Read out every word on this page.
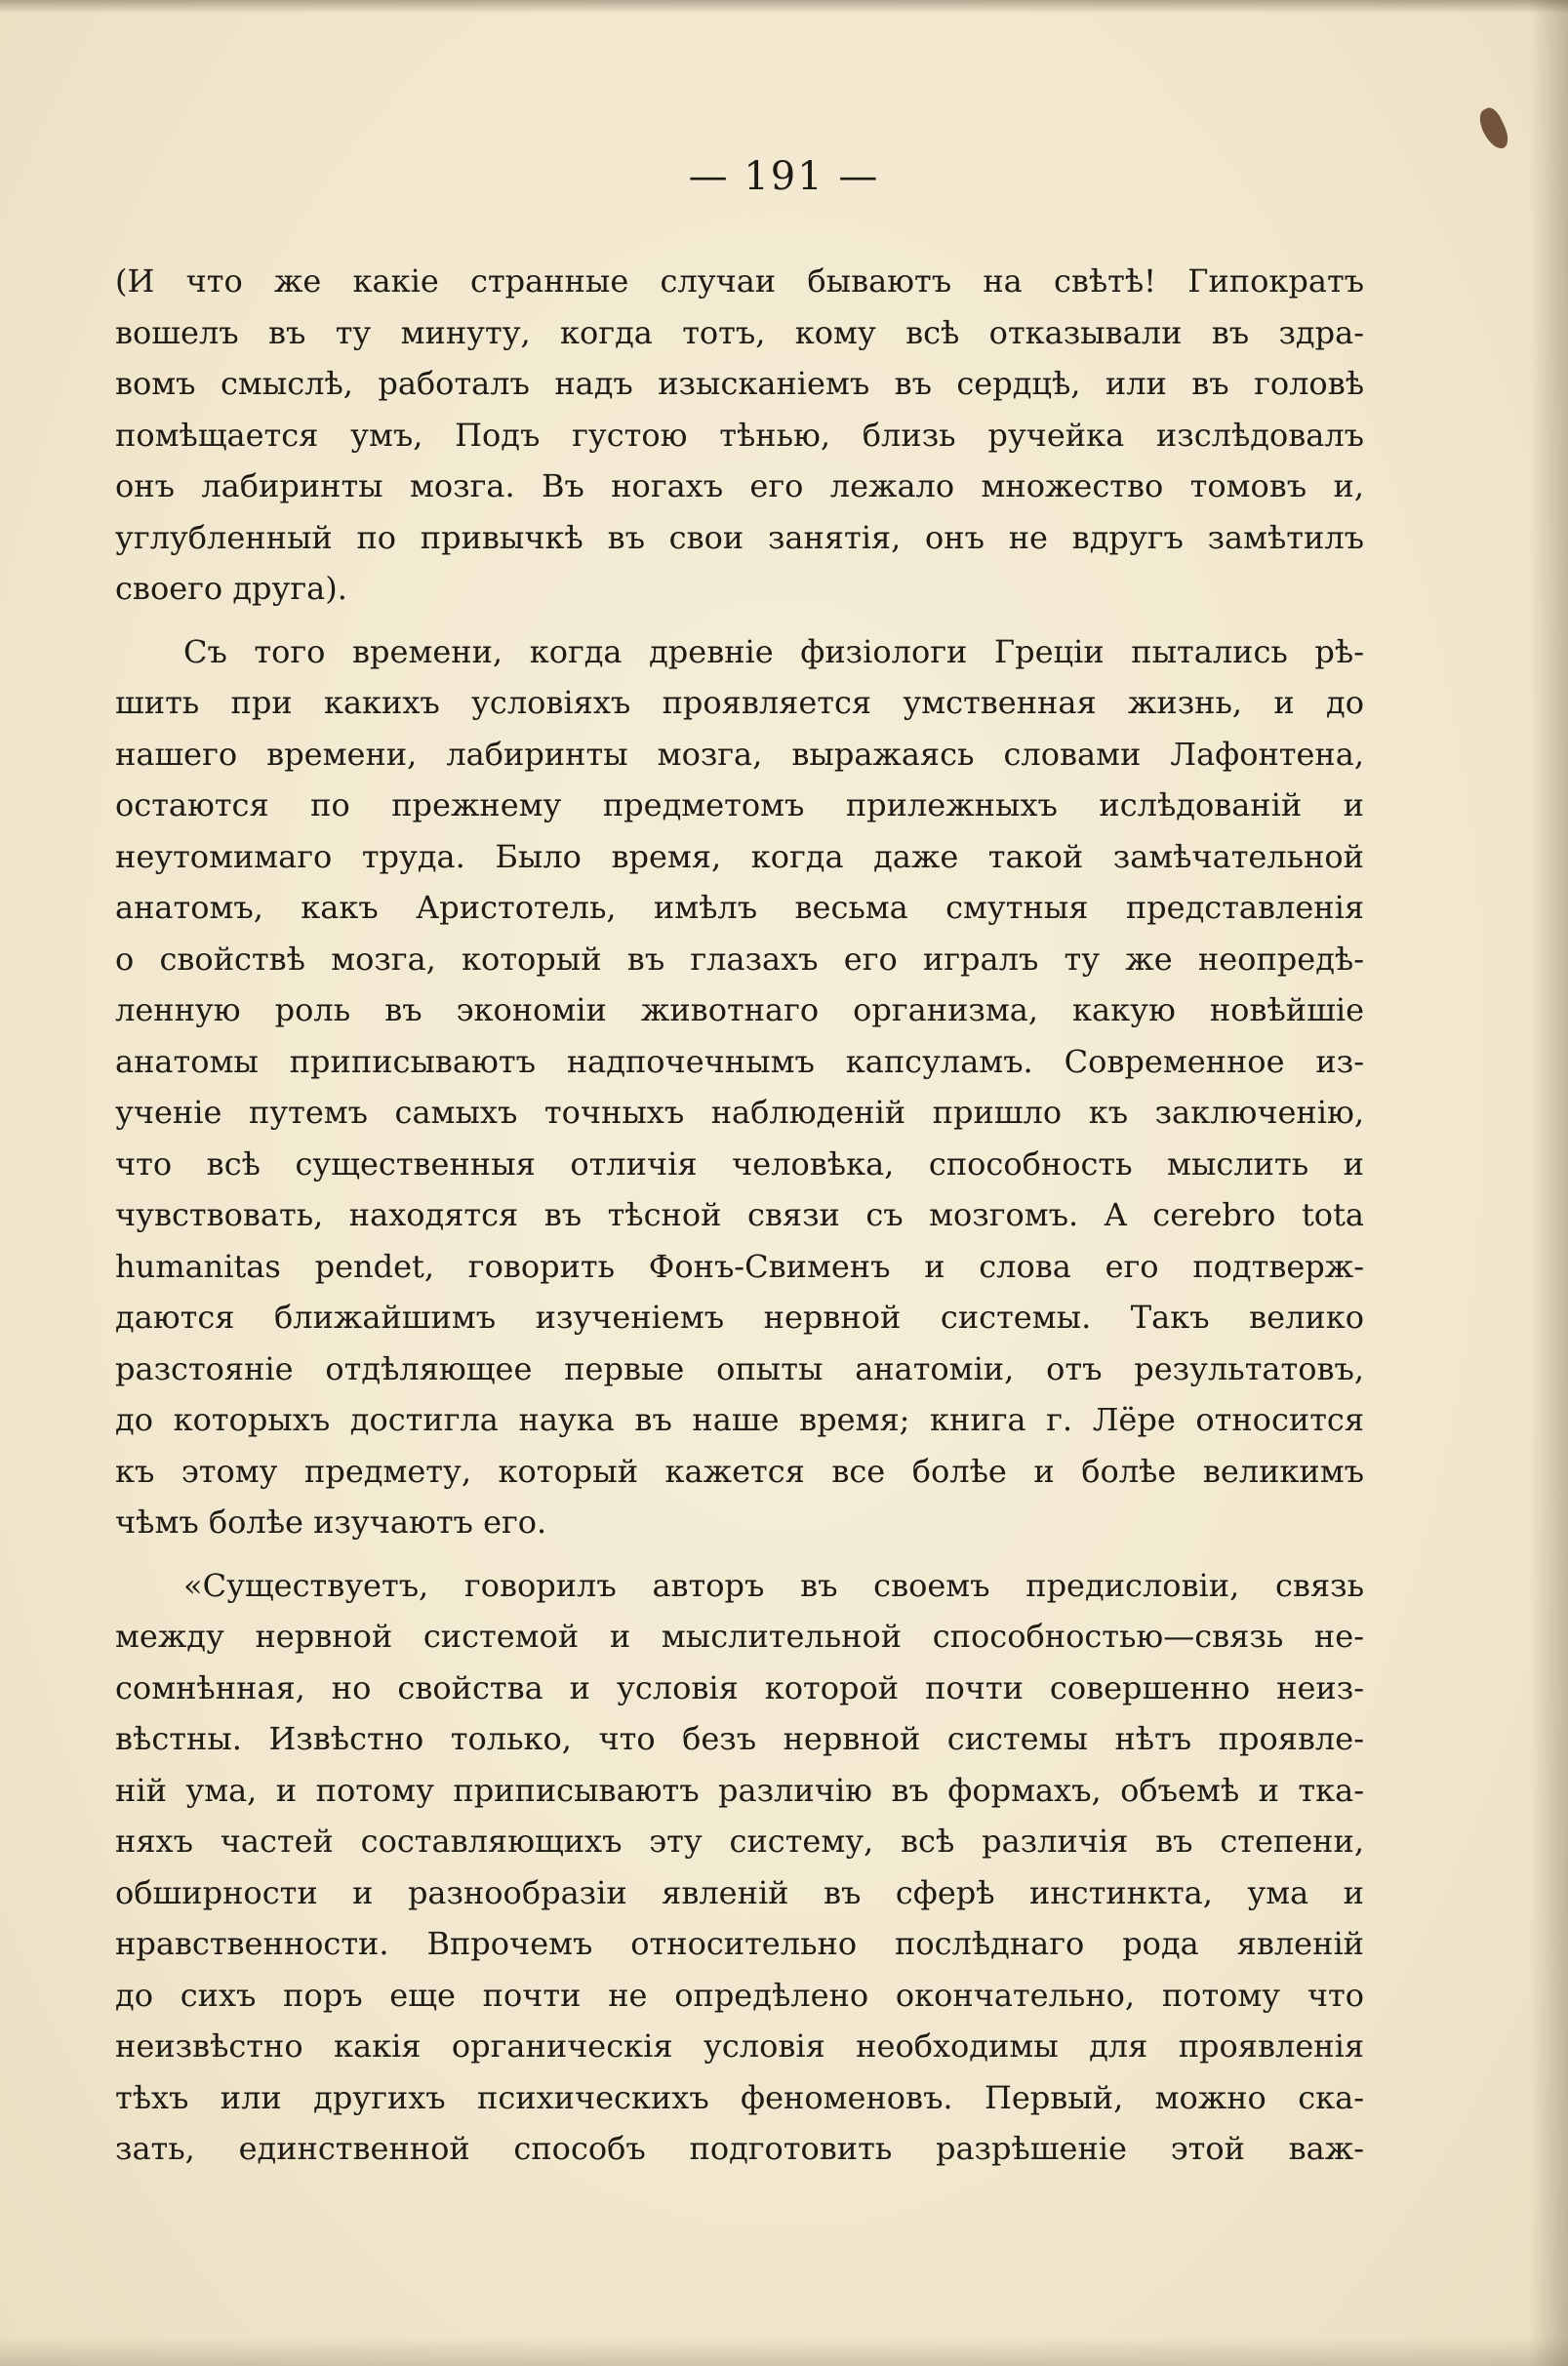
— 191 —
(И что же какіе странные случаи бываютъ на свѣтѣ! Гипократъ
вошелъ въ ту минуту, когда тотъ, кому всѣ отказывали въ здра-
вомъ смыслѣ, работалъ надъ изысканіемъ въ сердцѣ, или въ головѣ
помѣщается умъ, Подъ густою тѣнью, близь ручейка изслѣдовалъ
онъ лабиринты мозга. Въ ногахъ его лежало множество томовъ и,
углубленный по привычкѣ въ свои занятія, онъ не вдругъ замѣтилъ
своего друга).
Съ того времени, когда древніе физіологи Греціи пытались рѣ-
шить при какихъ условіяхъ проявляется умственная жизнь, и до
нашего времени, лабиринты мозга, выражаясь словами Лафонтена,
остаются по прежнему предметомъ прилежныхъ ислѣдованій и
неутомимаго труда. Было время, когда даже такой замѣчательной
анатомъ, какъ Аристотель, имѣлъ весьма смутныя представленія
о свойствѣ мозга, который въ глазахъ его игралъ ту же неопредѣ-
ленную роль въ экономіи животнаго организма, какую новѣйшіе
анатомы приписываютъ надпочечнымъ капсуламъ. Современное из-
ученіе путемъ самыхъ точныхъ наблюденій пришло къ заключенію,
что всѣ существенныя отличія человѣка, способность мыслить и
чувствовать, находятся въ тѣсной связи съ мозгомъ. A cerebro tota
humanitas pendet, говорить Фонъ-Свименъ и слова его подтверж-
даются ближайшимъ изученіемъ нервной системы. Такъ велико
разстояніе отдѣляющее первые опыты анатоміи, отъ результатовъ,
до которыхъ достигла наука въ наше время; книга г. Лёре относится
къ этому предмету, который кажется все болѣе и болѣе великимъ
чѣмъ болѣе изучаютъ его.
«Существуетъ, говорилъ авторъ въ своемъ предисловіи, связь
между нервной системой и мыслительной способностью—связь не-
сомнѣнная, но свойства и условія которой почти совершенно неиз-
вѣстны. Извѣстно только, что безъ нервной системы нѣтъ проявле-
ній ума, и потому приписываютъ различію въ формахъ, объемѣ и тка-
няхъ частей составляющихъ эту систему, всѣ различія въ степени,
обширности и разнообразіи явленій въ сферѣ инстинкта, ума и
нравственности. Впрочемъ относительно послѣднаго рода явленій
до сихъ поръ еще почти не опредѣлено окончательно, потому что
неизвѣстно какія органическія условія необходимы для проявленія
тѣхъ или другихъ психическихъ феноменовъ. Первый, можно ска-
зать, единственной способъ подготовить разрѣшеніе этой важ-
